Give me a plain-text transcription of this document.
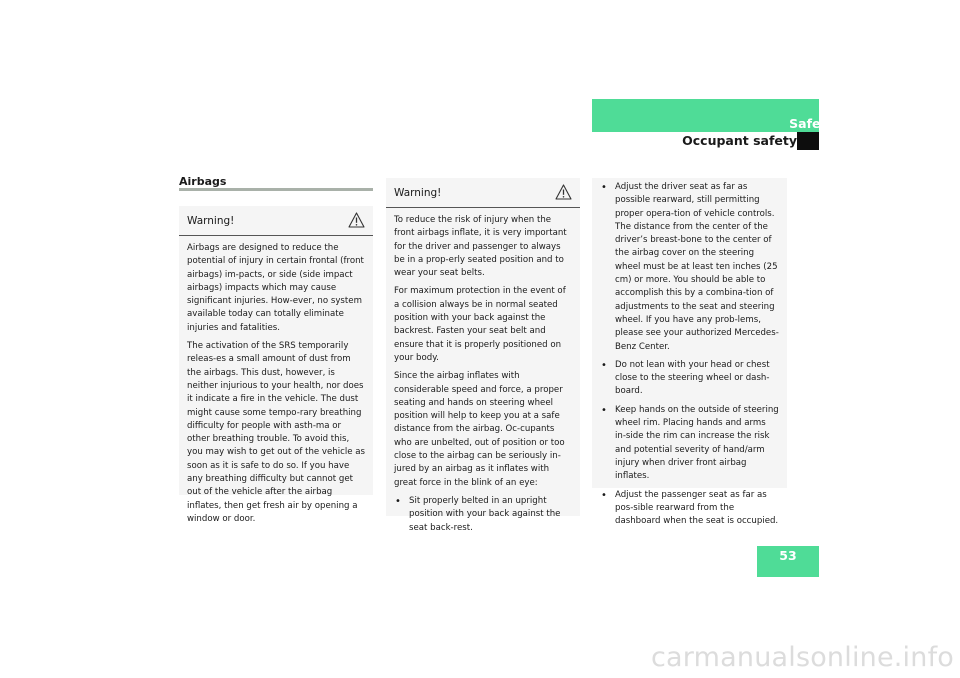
Safety and Security
Occupant safety
Airbags
Warning!

Airbags are designed to reduce the potential of injury in certain frontal (front airbags) im-pacts, or side (side impact airbags) impacts which may cause significant injuries. How-ever, no system available today can totally eliminate injuries and fatalities.

The activation of the SRS temporarily releas-es a small amount of dust from the airbags. This dust, however, is neither injurious to your health, nor does it indicate a fire in the vehicle. The dust might cause some tempo-rary breathing difficulty for people with asth-ma or other breathing trouble. To avoid this, you may wish to get out of the vehicle as soon as it is safe to do so. If you have any breathing difficulty but cannot get out of the vehicle after the airbag inflates, then get fresh air by opening a window or door.

Warning!

To reduce the risk of injury when the front airbags inflate, it is very important for the driver and passenger to always be in a prop-erly seated position and to wear your seat belts.

For maximum protection in the event of a collision always be in normal seated position with your back against the backrest. Fasten your seat belt and ensure that it is properly positioned on your body.

Since the airbag inflates with considerable speed and force, a proper seating and hands on steering wheel position will help to keep you at a safe distance from the airbag. Oc-cupants who are unbelted, out of position or too close to the airbag can be seriously in-jured by an airbag as it inflates with great force in the blink of an eye:

• Sit properly belted in an upright position with your back against the seat back-rest.
• Adjust the driver seat as far as possible rearward, still permitting proper opera-tion of vehicle controls. The distance from the center of the driver’s breast-bone to the center of the airbag cover on the steering wheel must be at least ten inches (25 cm) or more. You should be able to accomplish this by a combina-tion of adjustments to the seat and steering wheel. If you have any prob-lems, please see your authorized Mercedes-Benz Center.
• Do not lean with your head or chest close to the steering wheel or dash-board.
• Keep hands on the outside of steering wheel rim. Placing hands and arms in-side the rim can increase the risk and potential severity of hand/arm injury when driver front airbag inflates.
• Adjust the passenger seat as far as pos-sible rearward from the dashboard when the seat is occupied.
53
carmanualsonline.info
